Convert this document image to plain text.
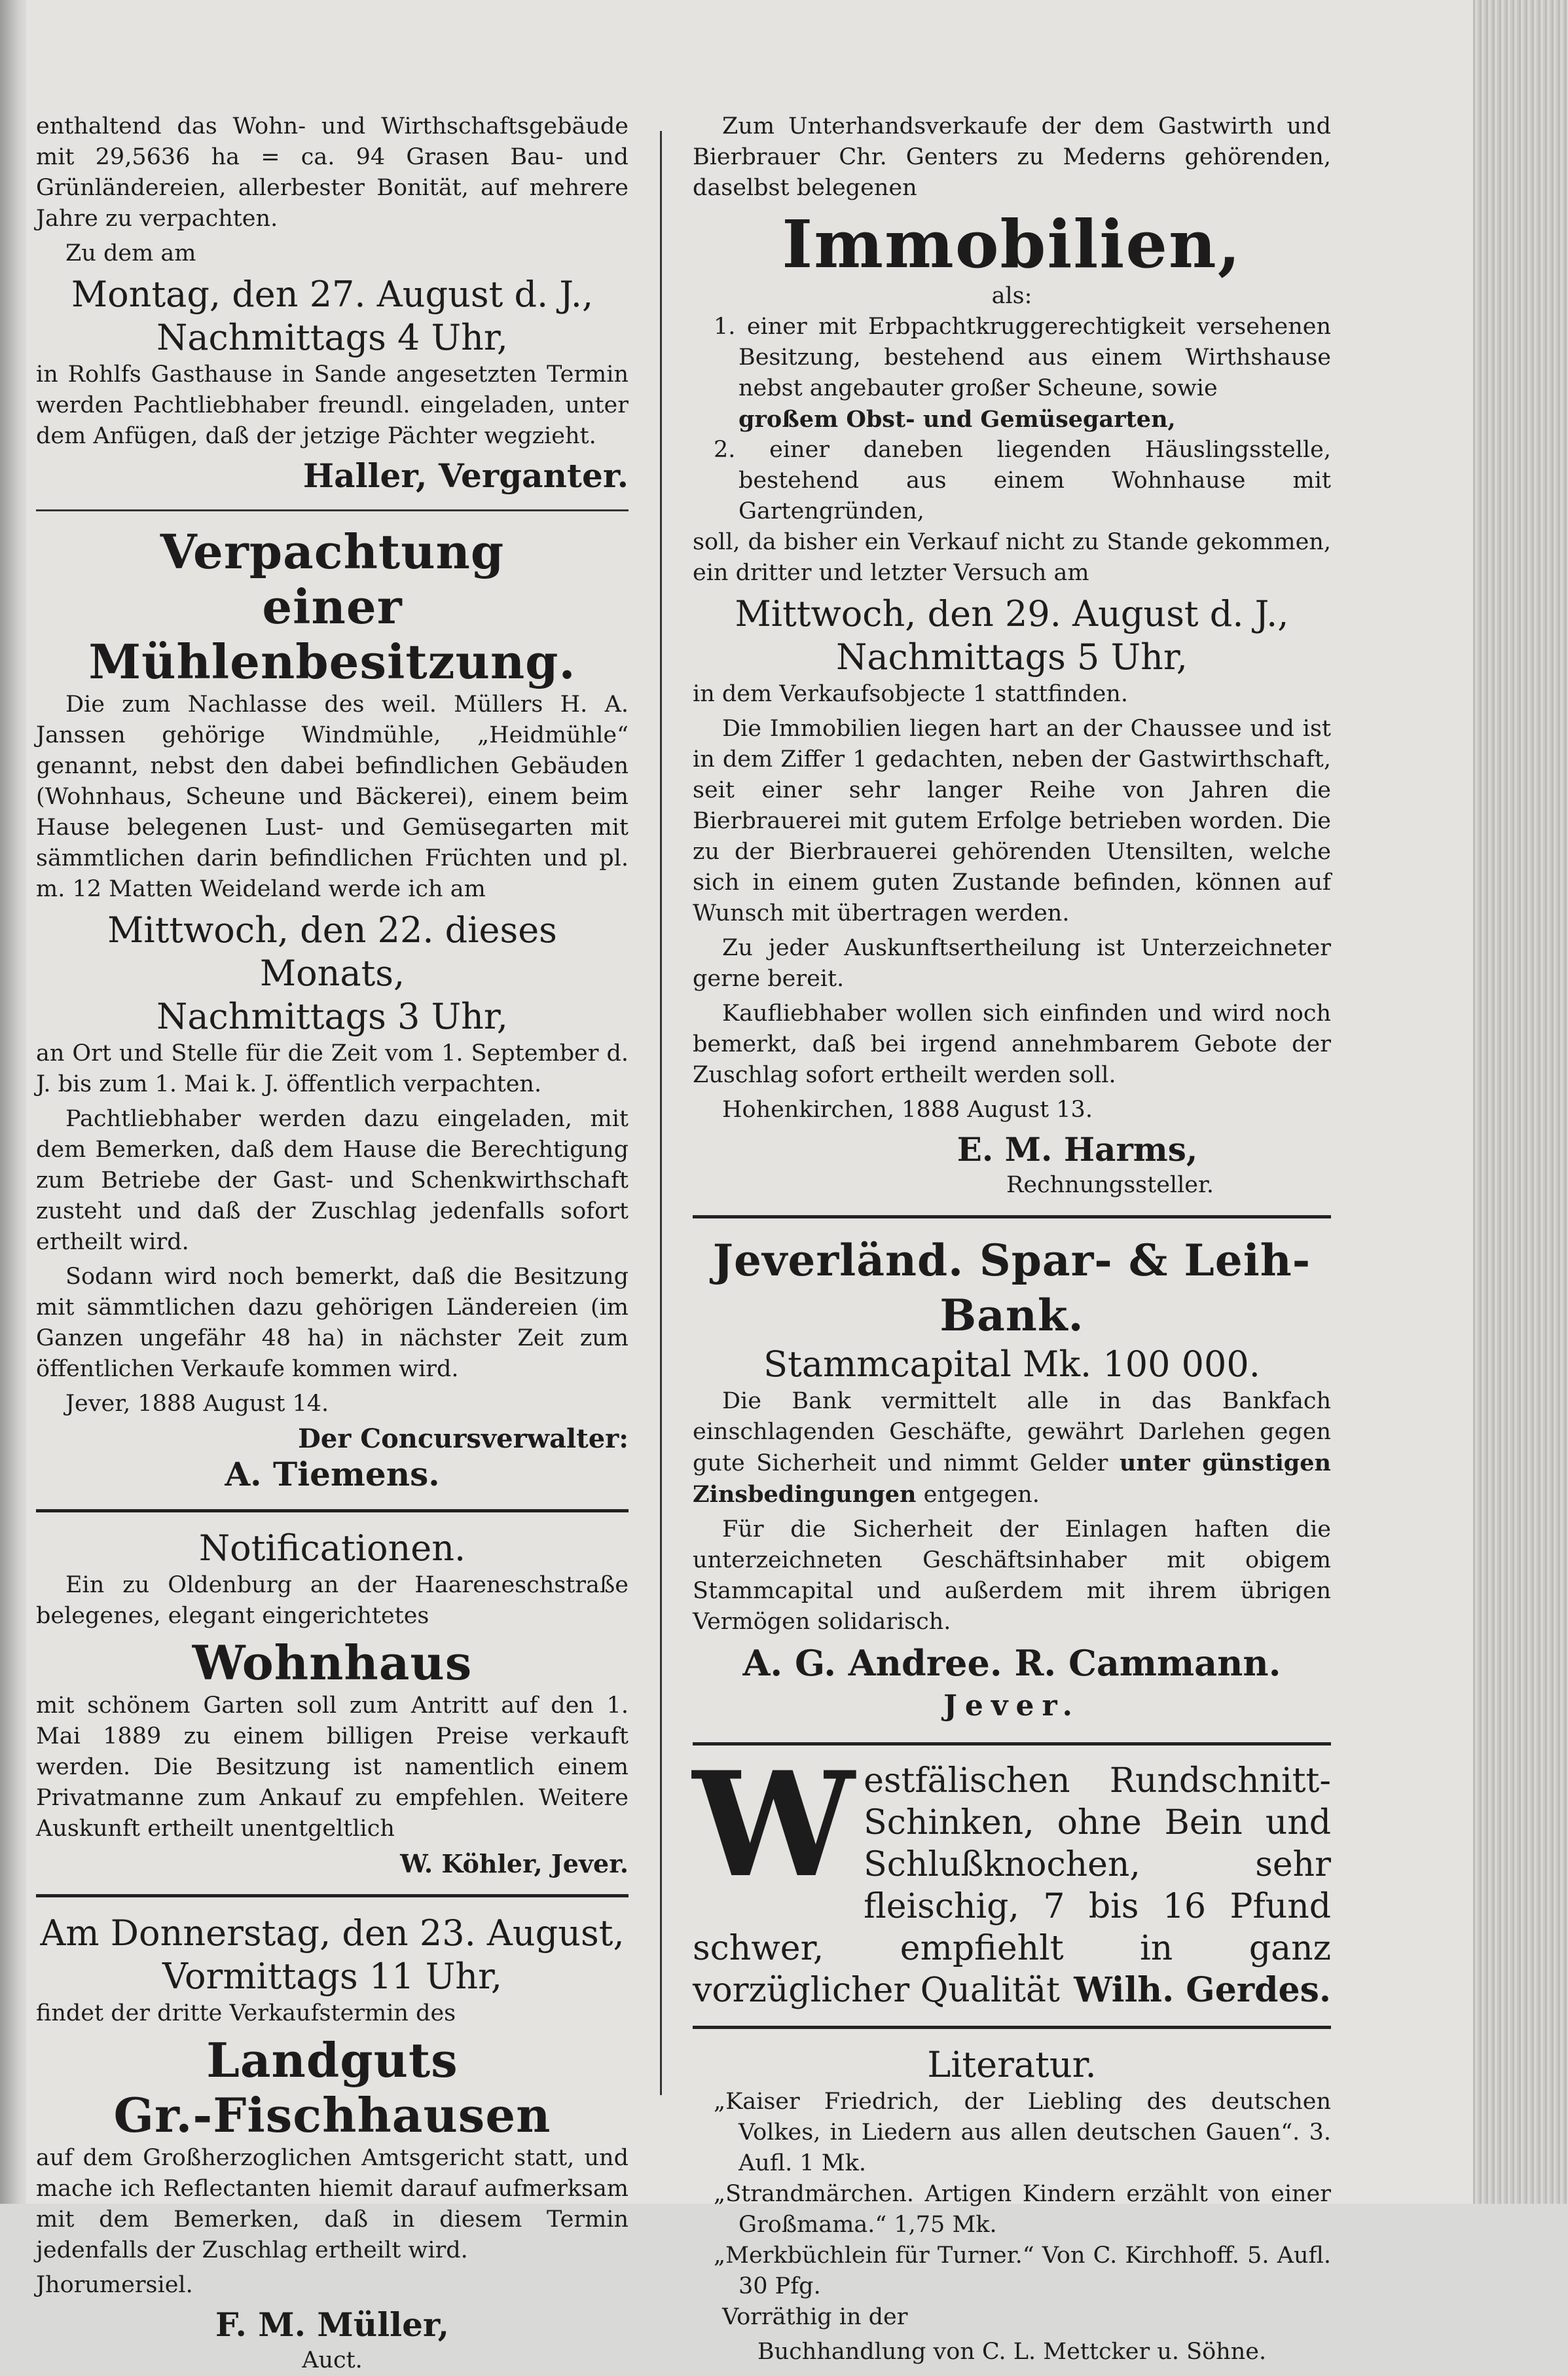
enthaltend das Wohn- und Wirthschaftsgebäude mit 29,5636 ha = ca. 94 Grasen Bau- und Grünländereien, allerbester Bonität, auf mehrere Jahre zu verpachten.

Zu dem am

Montag, den 27. August d. J.,
Nachmittags 4 Uhr,

in Rohlfs Gasthause in Sande angesetzten Termin werden Pachtliebhaber freundl. eingeladen, unter dem Anfügen, daß der jetzige Pächter wegzieht.

Haller, Verganter.
Verpachtung
einer Mühlenbesitzung.

Die zum Nachlasse des weil. Müllers H. A. Janssen gehörige Windmühle, „Heidmühle“ genannt, nebst den dabei befindlichen Gebäuden (Wohnhaus, Scheune und Bäckerei), einem beim Hause belegenen Lust- und Gemüsegarten mit sämmtlichen darin befindlichen Früchten und pl. m. 12 Matten Weideland werde ich am

Mittwoch, den 22. dieses Monats,
Nachmittags 3 Uhr,

an Ort und Stelle für die Zeit vom 1. September d. J. bis zum 1. Mai k. J. öffentlich verpachten.

Pachtliebhaber werden dazu eingeladen, mit dem Bemerken, daß dem Hause die Berechtigung zum Betriebe der Gast- und Schenkwirthschaft zusteht und daß der Zuschlag jedenfalls sofort ertheilt wird.

Sodann wird noch bemerkt, daß die Besitzung mit sämmtlichen dazu gehörigen Ländereien (im Ganzen ungefähr 48 ha) in nächster Zeit zum öffentlichen Verkaufe kommen wird.

Jever, 1888 August 14.

Der Concursverwalter:
A. Tiemens.
Notificationen.

Ein zu Oldenburg an der Haarenesch​straße belegenes, elegant eingerichtetes

Wohnhaus

mit schönem Garten soll zum Antritt auf den 1. Mai 1889 zu einem billigen Preise verkauft werden. Die Besitzung ist namentlich einem Privatmanne zum Ankauf zu empfehlen. Weitere Auskunft ertheilt unentgeltlich

W. Köhler, Jever.
Am Donnerstag, den 23. August,
Vormittags 11 Uhr,

findet der dritte Verkaufstermin des

Landguts
Gr.-Fischhausen

auf dem Großherzoglichen Amtsgericht statt, und mache ich Reflectanten hiemit darauf aufmerksam mit dem Bemerken, daß in diesem Termin jedenfalls der Zuschlag ertheilt wird.

Jhorumersiel.

F. M. Müller,
Auct.

Zum Unterhandsverkaufe der dem Gastwirth und Bierbrauer Chr. Genters zu Mederns gehörenden, daselbst belegenen

Immobilien,
als:

1. einer mit Erbpachtkruggerechtigkeit versehenen Besitzung, bestehend aus einem Wirthshause nebst angebauter großer Scheune, sowie

großem Obst- und Gemüsegarten,

2. einer daneben liegenden Häuslingsstelle, bestehend aus einem Wohnhause mit Gartengründen,

soll, da bisher ein Verkauf nicht zu Stande gekommen, ein dritter und letzter Versuch am

Mittwoch, den 29. August d. J.,
Nachmittags 5 Uhr,

in dem Verkaufsobjecte 1 stattfinden.

Die Immobilien liegen hart an der Chaussee und ist in dem Ziffer 1 gedachten, neben der Gastwirthschaft, seit einer sehr langer Reihe von Jahren die Bierbrauerei mit gutem Erfolge betrieben worden. Die zu der Bierbrauerei gehörenden Utensilten, welche sich in einem guten Zustande befinden, können auf Wunsch mit übertragen werden.

Zu jeder Auskunftsertheilung ist Unterzeichneter gerne bereit.

Kaufliebhaber wollen sich einfinden und wird noch bemerkt, daß bei irgend annehmbarem Gebote der Zuschlag sofort ertheilt werden soll.

Hohenkirchen, 1888 August 13.

E. M. Harms,
Rechnungssteller.
Jeverländ. Spar- & Leih-Bank.
Stammcapital Mk. 100 000.

Die Bank vermittelt alle in das Bankfach einschlagenden Geschäfte, gewährt Darlehen gegen gute Sicherheit und nimmt Gelder unter günstigen Zinsbedingungen entgegen.

Für die Sicherheit der Einlagen haften die unterzeichneten Geschäftsinhaber mit obigem Stammcapital und außerdem mit ihrem übrigen Vermögen solidarisch.

A. G. Andree. R. Cammann.
Jever.
Westfälischen Rundschnitt-Schinken, ohne Bein und Schlußknochen, sehr fleischig, 7 bis 16 Pfund schwer, empfiehlt in ganz vorzüglicher Qualität Wilh. Gerdes.
Literatur.

„Kaiser Friedrich, der Liebling des deutschen Volkes, in Liedern aus allen deutschen Gauen“. 3. Aufl. 1 Mk.

„Strandmärchen. Artigen Kindern erzählt von einer Großmama.“ 1,75 Mk.

„Merkbüchlein für Turner.“ Von C. Kirchhoff. 5. Aufl. 30 Pfg.

Vorräthig in der

Buchhandlung von C. L. Mettcker u. Söhne.
